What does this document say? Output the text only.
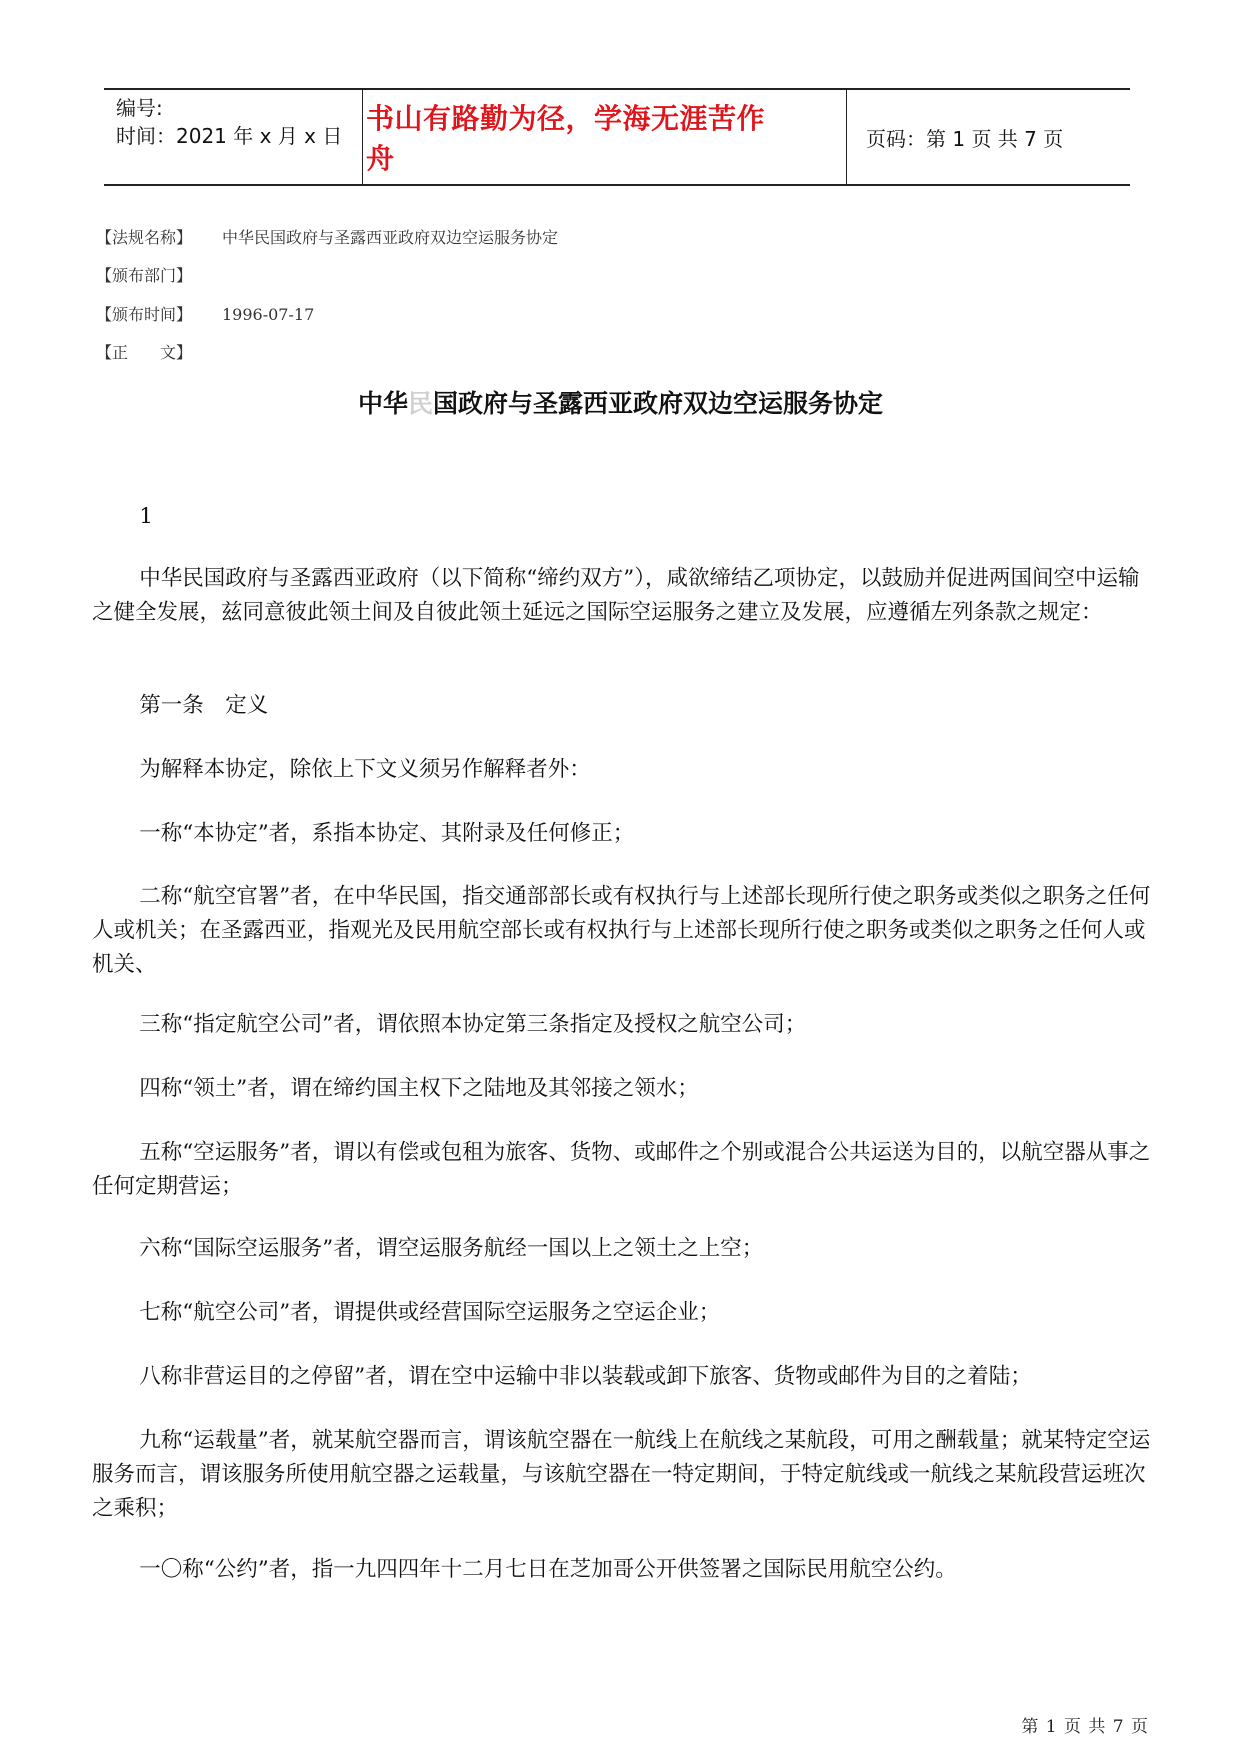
编号:
时间：2021 年 x 月 x 日
书山有路勤为径，学海无涯苦作舟
页码：第 1 页 共 7 页
【法规名称】 中华民国政府与圣露西亚政府双边空运服务协定
【颁布部门】
【颁布时间】 1996-07-17
【正　　文】
中华民国政府与圣露西亚政府双边空运服务协定

1

中华民国政府与圣露西亚政府（以下简称“缔约双方”），咸欲缔结乙项协定，以鼓励并促进两国间空中运输之健全发展，兹同意彼此领土间及自彼此领土延远之国际空运服务之建立及发展，应遵循左列条款之规定：

第一条　定义

为解释本协定，除依上下文义须另作解释者外：

一称“本协定”者，系指本协定、其附录及任何修正；

二称“航空官署”者，在中华民国，指交通部部长或有权执行与上述部长现所行使之职务或类似之职务之任何人或机关；在圣露西亚，指观光及民用航空部长或有权执行与上述部长现所行使之职务或类似之职务之任何人或机关、

三称“指定航空公司”者，谓依照本协定第三条指定及授权之航空公司；

四称“领土”者，谓在缔约国主权下之陆地及其邻接之领水；

五称“空运服务”者，谓以有偿或包租为旅客、货物、或邮件之个别或混合公共运送为目的，以航空器从事之任何定期营运；

六称“国际空运服务”者，谓空运服务航经一国以上之领土之上空；

七称“航空公司”者，谓提供或经营国际空运服务之空运企业；

八称非营运目的之停留”者，谓在空中运输中非以装载或卸下旅客、货物或邮件为目的之着陆；

九称“运载量”者，就某航空器而言，谓该航空器在一航线上在航线之某航段，可用之酬载量；就某特定空运服务而言，谓该服务所使用航空器之运载量，与该航空器在一特定期间，于特定航线或一航线之某航段营运班次之乘积；

一〇称“公约”者，指一九四四年十二月七日在芝加哥公开供签署之国际民用航空公约。

第 1 页 共 7 页
